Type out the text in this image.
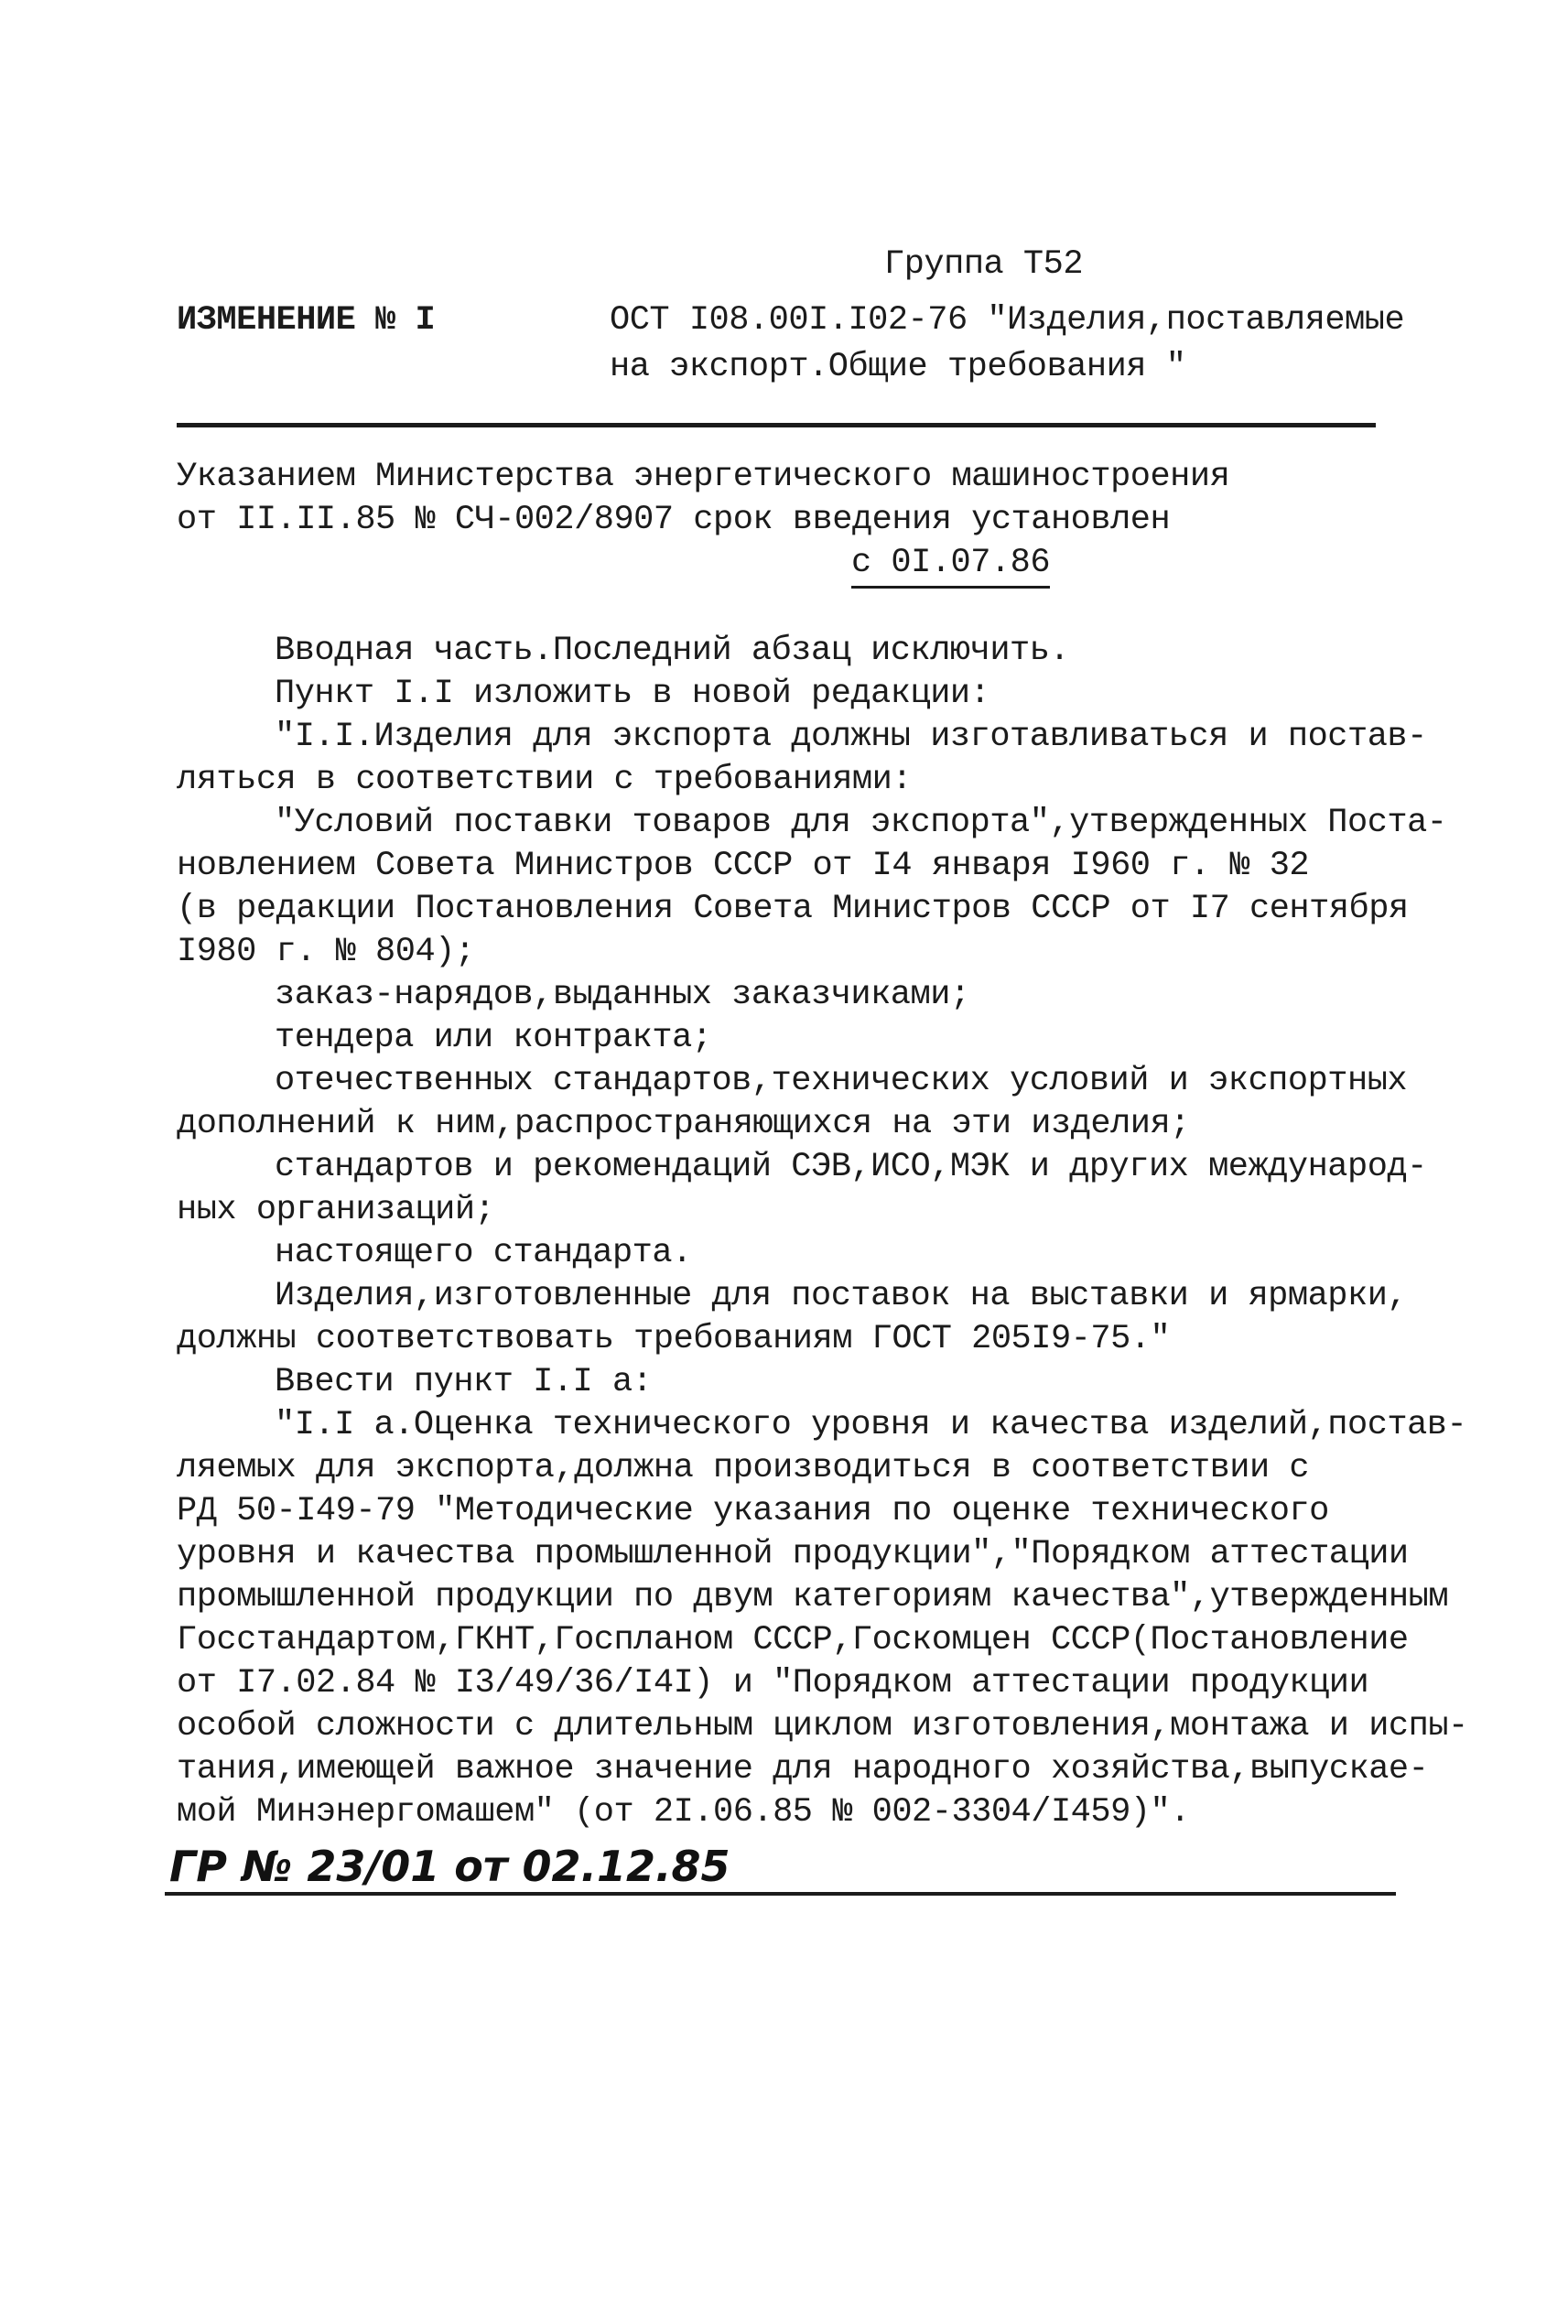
Группа Т52
ИЗМЕНЕНИЕ № I	ОСТ I08.00I.I02-76 "Изделия,поставляемые
на экспорт.Общие требования "
Указанием Министерства энергетического машиностроения
от II.II.85 № СЧ-002/8907 срок введения установлен
с 0I.07.86
Вводная часть.Последний абзац исключить.
Пункт I.I изложить в новой редакции:
"I.I.Изделия для экспорта должны изготавливаться и постав-
ляться в соответствии с требованиями:
"Условий поставки товаров для экспорта",утвержденных Поста-
новлением Совета Министров СССР от I4 января I960 г. № 32
(в редакции Постановления Совета Министров СССР от I7 сентября
I980 г. № 804);
заказ-нарядов,выданных заказчиками;
тендера или контракта;
отечественных стандартов,технических условий и экспортных
дополнений к ним,распространяющихся на эти изделия;
стандартов и рекомендаций СЭВ,ИСО,МЭК и других международ-
ных организаций;
настоящего стандарта.
Изделия,изготовленные для поставок на выставки и ярмарки,
должны соответствовать требованиям ГОСТ 205I9-75."
Ввести пункт I.I а:
"I.I а.Оценка технического уровня и качества изделий,постав-
ляемых для экспорта,должна производиться в соответствии с
РД 50-I49-79 "Методические указания по оценке технического
уровня и качества промышленной продукции","Порядком аттестации
промышленной продукции по двум категориям качества",утвержденным
Госстандартом,ГКНТ,Госпланом СССР,Госкомцен СССР(Постановление
от I7.02.84 № I3/49/36/I4I) и "Порядком аттестации продукции
особой сложности с длительным циклом изготовления,монтажа и испы-
тания,имеющей важное значение для народного хозяйства,выпускае-
мой Минэнергомашем" (от 2I.06.85 № 002-3304/I459)".
ГР № 23/01 от 02.12.85
